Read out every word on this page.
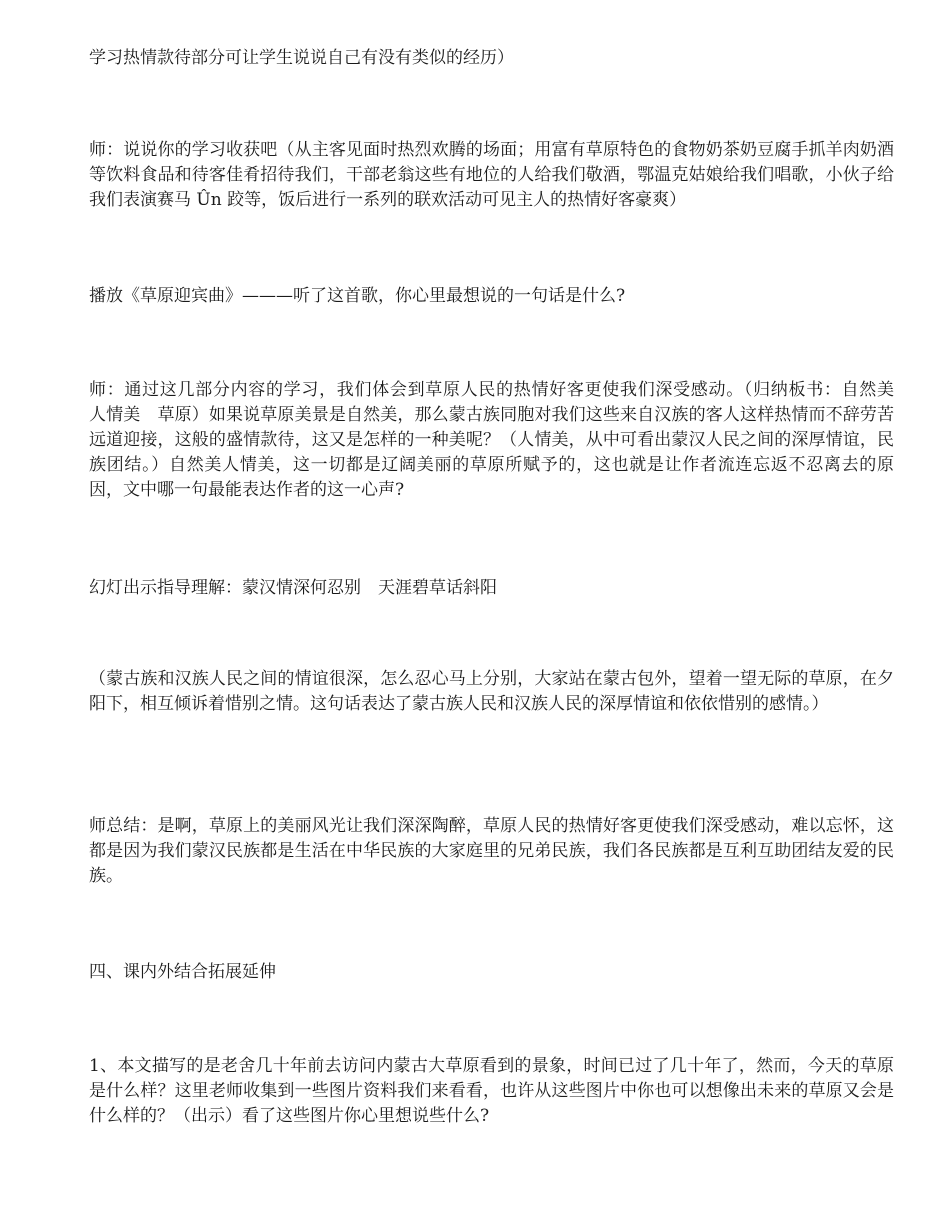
学习热情款待部分可让学生说说自己有没有类似的经历）

师：说说你的学习收获吧（从主客见面时热烈欢腾的场面；用富有草原特色的食物奶茶奶豆腐手抓羊肉奶酒等饮料食品和待客佳肴招待我们，干部老翁这些有地位的人给我们敬酒，鄂温克姑娘给我们唱歌，小伙子给我们表演赛马 Ûn 跤等，饭后进行一系列的联欢活动可见主人的热情好客豪爽）

播放《草原迎宾曲》———听了这首歌，你心里最想说的一句话是什么?

师：通过这几部分内容的学习，我们体会到草原人民的热情好客更使我们深受感动。（归纳板书：自然美　人情美　草原）如果说草原美景是自然美，那么蒙古族同胞对我们这些来自汉族的客人这样热情而不辞劳苦远道迎接，这般的盛情款待，这又是怎样的一种美呢？（人情美，从中可看出蒙汉人民之间的深厚情谊，民族团结。）自然美人情美，这一切都是辽阔美丽的草原所赋予的，这也就是让作者流连忘返不忍离去的原因，文中哪一句最能表达作者的这一心声?

幻灯出示指导理解：蒙汉情深何忍别　天涯碧草话斜阳

（蒙古族和汉族人民之间的情谊很深，怎么忍心马上分别，大家站在蒙古包外，望着一望无际的草原，在夕阳下，相互倾诉着惜别之情。这句话表达了蒙古族人民和汉族人民的深厚情谊和依依惜别的感情。）

师总结：是啊，草原上的美丽风光让我们深深陶醉，草原人民的热情好客更使我们深受感动，难以忘怀，这都是因为我们蒙汉民族都是生活在中华民族的大家庭里的兄弟民族，我们各民族都是互利互助团结友爱的民族。

四、课内外结合拓展延伸

1、本文描写的是老舍几十年前去访问内蒙古大草原看到的景象，时间已过了几十年了，然而，今天的草原是什么样？这里老师收集到一些图片资料我们来看看，也许从这些图片中你也可以想像出未来的草原又会是什么样的？（出示）看了这些图片你心里想说些什么?
